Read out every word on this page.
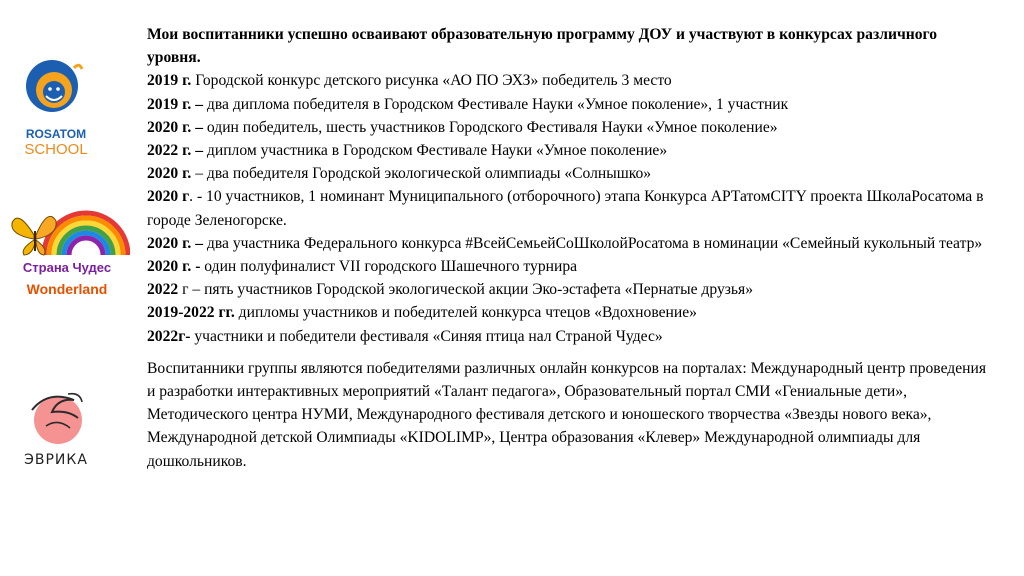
ROSATOM
SCHOOL
Страна Чудес
Wonderland
ЭВРИКА

Мои воспитанники успешно осваивают образовательную программу ДОУ и участвуют в конкурсах различного уровня.

2019 г. Городской конкурс детского рисунка «АО ПО ЭХЗ» победитель 3 место
2019 г. – два диплома победителя в Городском Фестивале Науки «Умное поколение», 1 участник
2020 г. – один победитель, шесть участников Городского Фестиваля Науки «Умное поколение»
2022 г. – диплом участника в Городском Фестивале Науки «Умное поколение»
2020 г. – два победителя Городской экологической олимпиады «Солнышко»
2020 г. - 10 участников, 1 номинант Муниципального (отборочного) этапа Конкурса АРТатомCITY проекта ШколаРосатома в городе Зеленогорске.
2020 г. – два участника Федерального конкурса #ВсейСемьейСоШколойРосатома в номинации «Семейный кукольный театр»
2020 г. - один полуфиналист VII городского Шашечного турнира
2022 г – пять участников Городской экологической акции Эко-эстафета «Пернатые друзья»
2019-2022 гг. дипломы участников и победителей конкурса чтецов «Вдохновение»
2022г- участники и победители фестиваля «Синяя птица нал Страной Чудес»

Воспитанники группы являются победителями различных онлайн конкурсов на порталах: Международный центр проведения и разработки интерактивных мероприятий «Талант педагога», Образовательный портал СМИ «Гениальные дети», Методического центра НУМИ, Международного фестиваля детского и юношеского творчества «Звезды нового века», Международной детской Олимпиады «KIDOLIMP», Центра образования «Клевер» Международной олимпиады для дошкольников.
